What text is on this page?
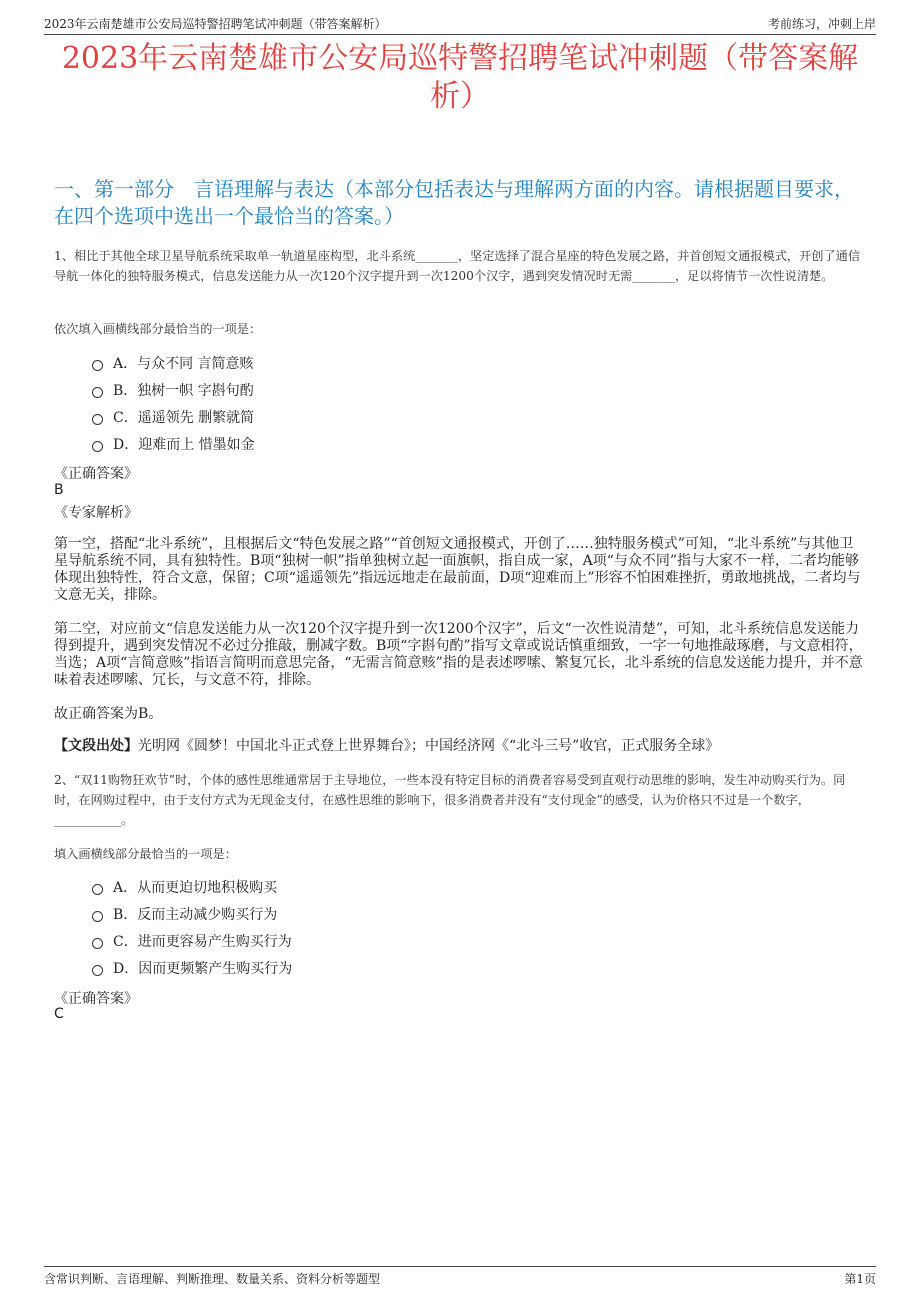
2023年云南楚雄市公安局巡特警招聘笔试冲刺题（带答案解析）	考前练习，冲刺上岸
2023年云南楚雄市公安局巡特警招聘笔试冲刺题（带答案解析）
一、第一部分　言语理解与表达（本部分包括表达与理解两方面的内容。请根据题目要求，在四个选项中选出一个最恰当的答案。）
1、相比于其他全球卫星导航系统采取单一轨道星座构型，北斗系统_______，坚定选择了混合星座的特色发展之路，并首创短文通报模式，开创了通信导航一体化的独特服务模式，信息发送能力从一次120个汉字提升到一次1200个汉字，遇到突发情况时无需_______，足以将情节一次性说清楚。
依次填入画横线部分最恰当的一项是：
A．与众不同 言简意赅
B．独树一帜 字斟句酌
C．遥遥领先 删繁就简
D．迎难而上 惜墨如金
《正确答案》
B
《专家解析》
第一空，搭配“北斗系统”，且根据后文“特色发展之路”“首创短文通报模式，开创了……独特服务模式”可知，“北斗系统”与其他卫星导航系统不同，具有独特性。B项“独树一帜”指单独树立起一面旗帜，指自成一家，A项“与众不同”指与大家不一样，二者均能够体现出独特性，符合文意，保留；C项“遥遥领先”指远远地走在最前面，D项“迎难而上”形容不怕困难挫折，勇敢地挑战，二者均与文意无关，排除。
第二空，对应前文“信息发送能力从一次120个汉字提升到一次1200个汉字”，后文“一次性说清楚”，可知，北斗系统信息发送能力得到提升，遇到突发情况不必过分推敲，删减字数。B项“字斟句酌”指写文章或说话慎重细致，一字一句地推敲琢磨，与文意相符，当选；A项“言简意赅”指语言简明而意思完备，“无需言简意赅”指的是表述啰嗦、繁复冗长，北斗系统的信息发送能力提升，并不意味着表述啰嗦、冗长，与文意不符，排除。
故正确答案为B。
【文段出处】光明网《圆梦！中国北斗正式登上世界舞台》；中国经济网《“北斗三号”收官，正式服务全球》
2、“双11购物狂欢节”时，个体的感性思维通常居于主导地位，一些本没有特定目标的消费者容易受到直观行动思维的影响，发生冲动购买行为。同时，在网购过程中，由于支付方式为无现金支付，在感性思维的影响下，很多消费者并没有“支付现金”的感受，认为价格只不过是一个数字，___________。
填入画横线部分最恰当的一项是：
A．从而更迫切地积极购买
B．反而主动减少购买行为
C．进而更容易产生购买行为
D．因而更频繁产生购买行为
《正确答案》
C
含常识判断、言语理解、判断推理、数量关系、资料分析等题型	第1页
